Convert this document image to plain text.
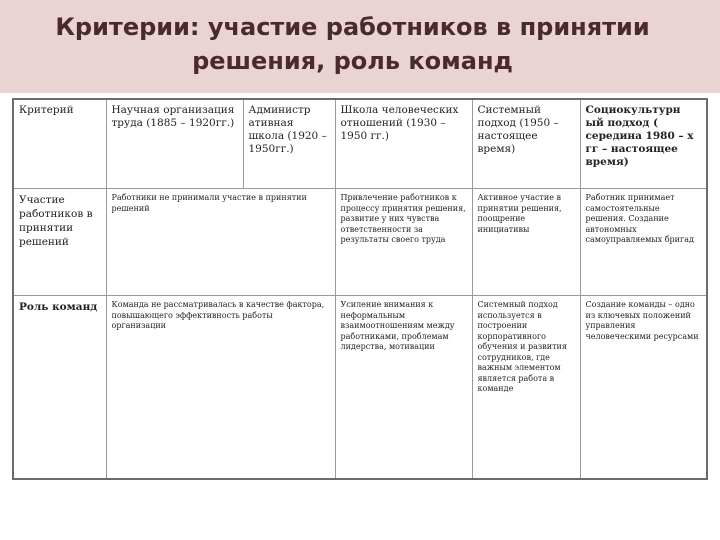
Критерии: участие работников в принятии
решения, роль команд
Критерий	Научная организация труда (1885 – 1920гг.)	Администр ативная школа (1920 – 1950гг.)	Школа человеческих отношений (1930 – 1950 гг.)	Системный подход (1950 – настоящее время)	Социокультурн ый подход ( середина 1980 – х гг – настоящее время)
Участие работников в принятии решений	Работники не принимали участие в принятии решений		Привлечение работников к процессу принятия решения, развитие у них чувства ответственности за результаты своего труда	Активное участие в принятии решения, поощрение инициативы	Работник принимает самостоятельные решения. Создание автономных самоуправляемых бригад
Роль команд	Команда не рассматривалась в качестве фактора, повышающего эффективность работы организации		Усиление внимания к неформальным взаимоотношениям между работниками, проблемам лидерства, мотивации	Системный подход используется в построении корпоративного обучения и развития сотрудников, где важным элементом является работа в команде	Создание команды – одно из ключевых положений управления человеческими ресурсами
